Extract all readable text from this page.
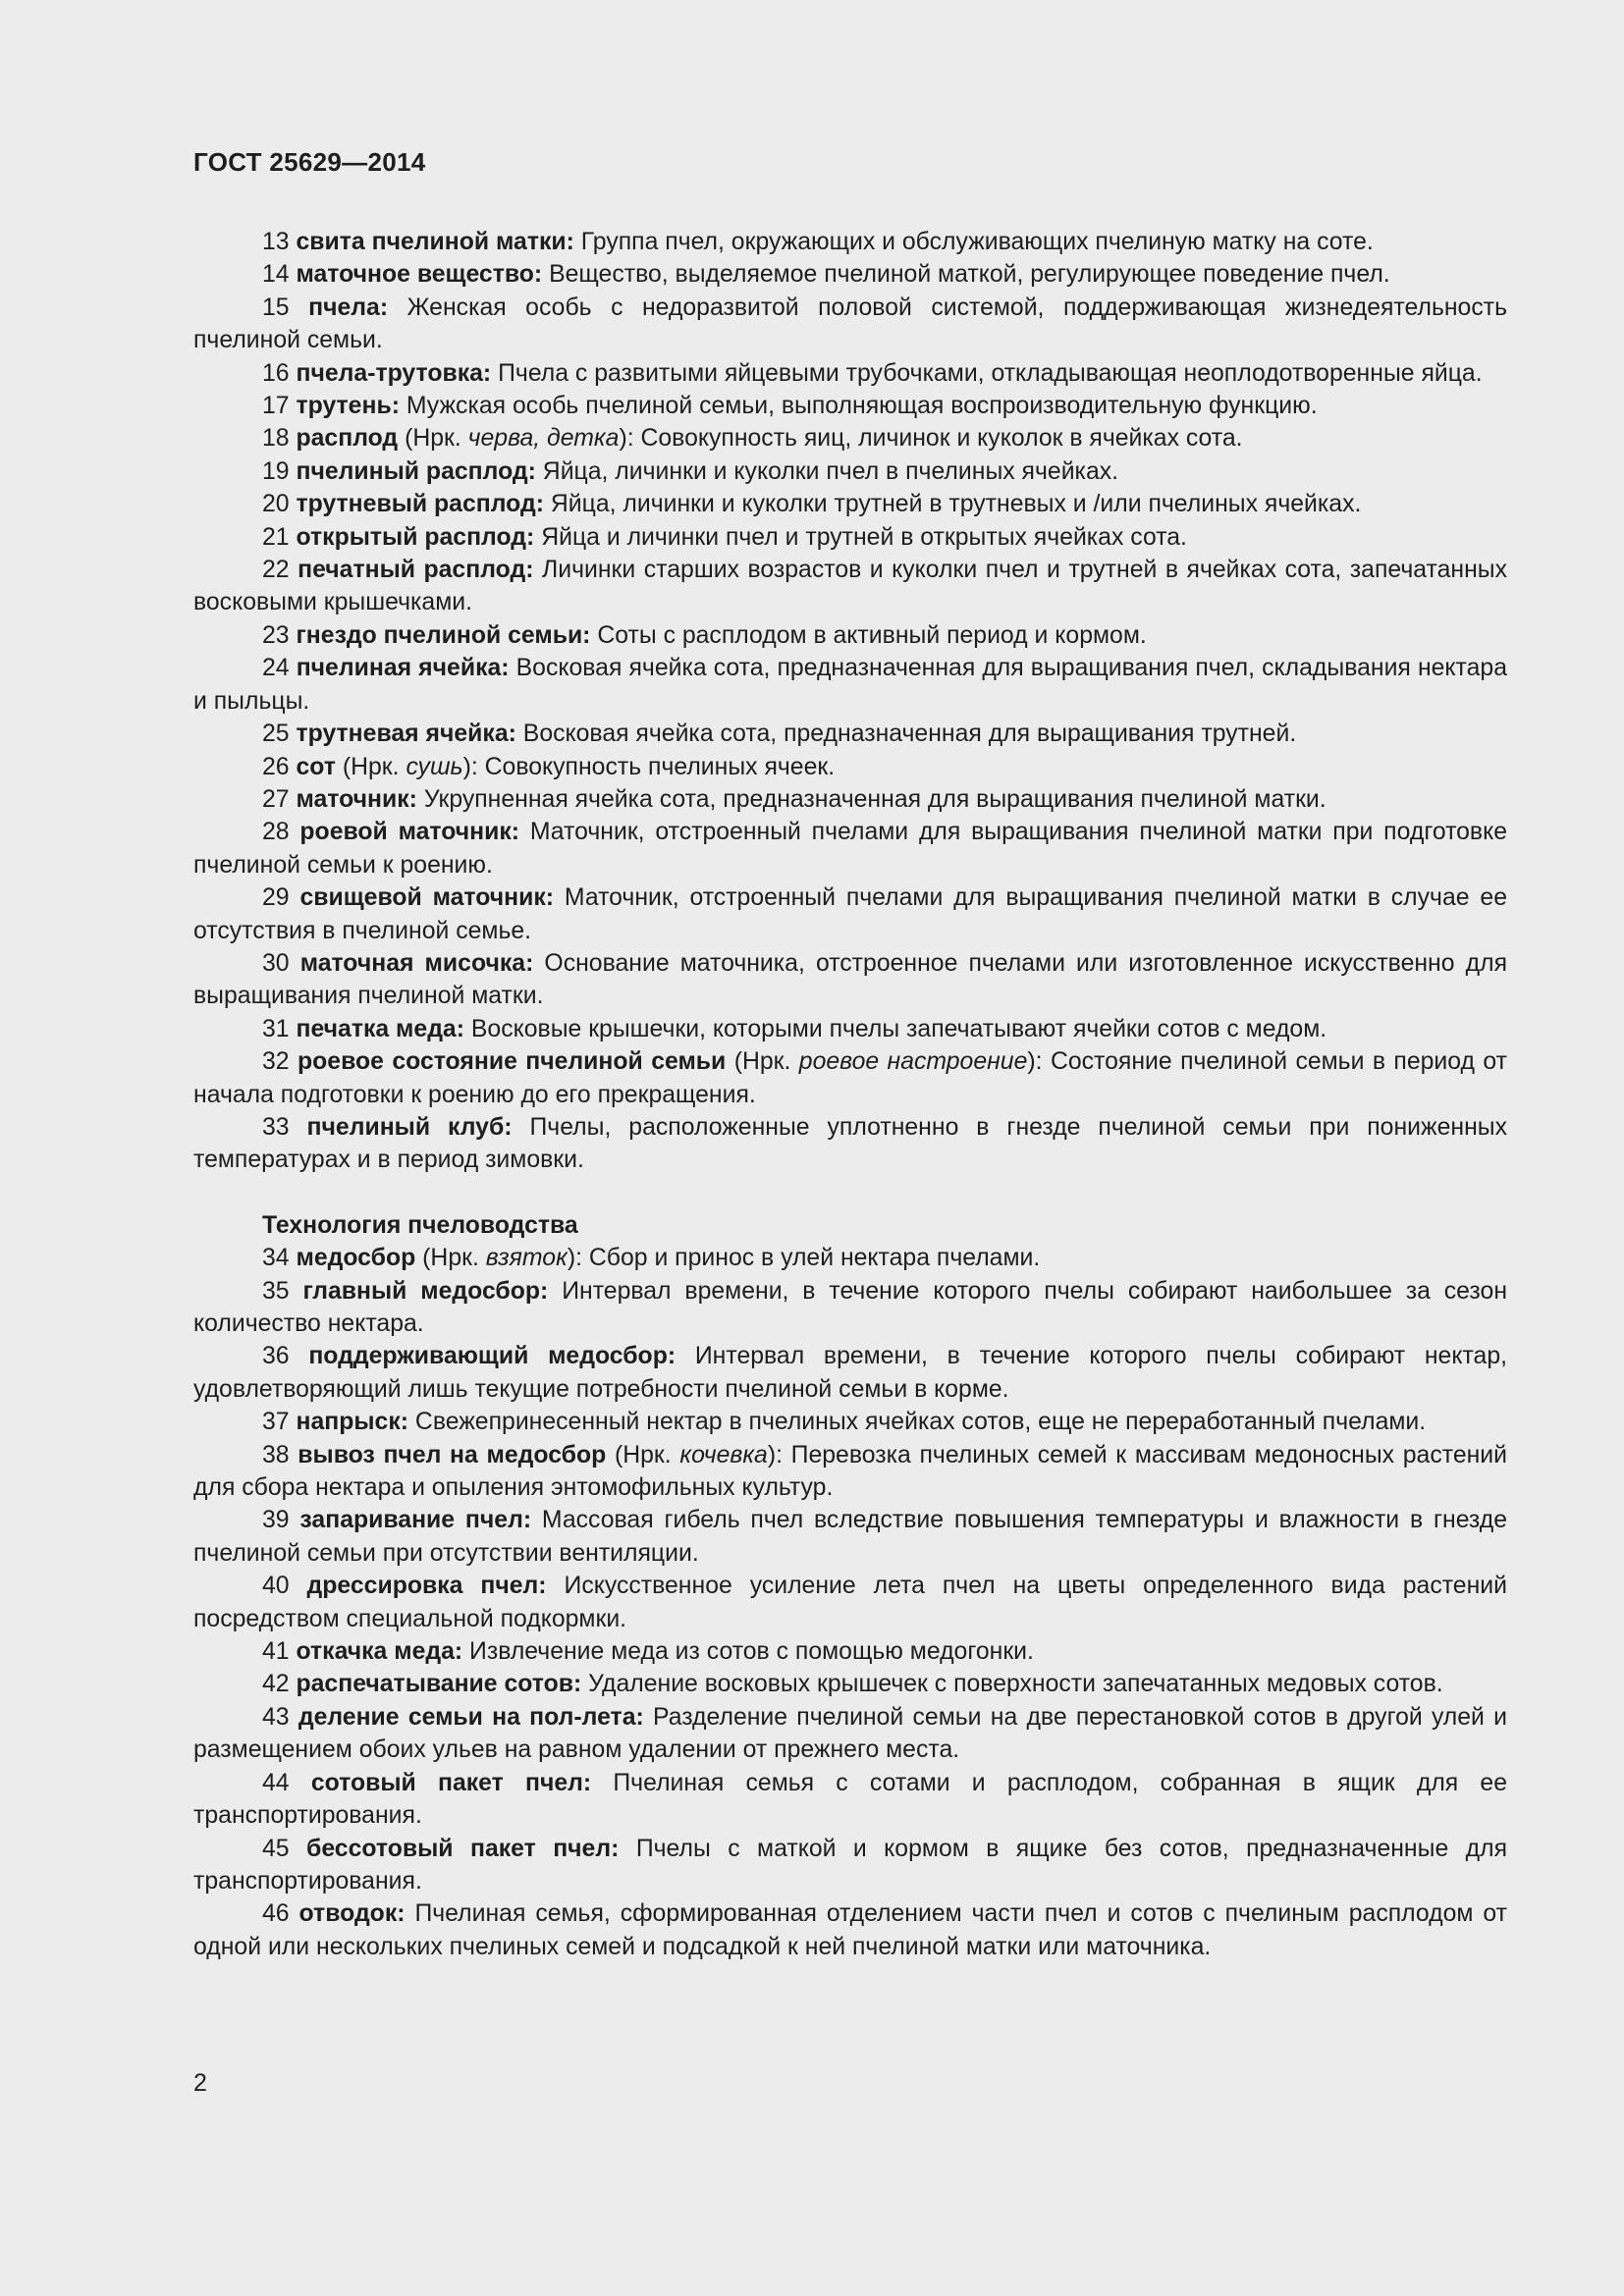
ГОСТ 25629—2014

13 свита пчелиной матки: Группа пчел, окружающих и обслуживающих пчелиную матку на соте.

14 маточное вещество: Вещество, выделяемое пчелиной маткой, регулирующее поведение пчел.

15 пчела: Женская особь с недоразвитой половой системой, поддерживающая жизнедеятельность пчелиной семьи.

16 пчела-трутовка: Пчела с развитыми яйцевыми трубочками, откладывающая неоплодотворенные яйца.

17 трутень: Мужская особь пчелиной семьи, выполняющая воспроизводительную функцию.

18 расплод (Нрк. черва, детка): Совокупность яиц, личинок и куколок в ячейках сота.

19 пчелиный расплод: Яйца, личинки и куколки пчел в пчелиных ячейках.

20 трутневый расплод: Яйца, личинки и куколки трутней в трутневых и /или пчелиных ячейках.

21 открытый расплод: Яйца и личинки пчел и трутней в открытых ячейках сота.

22 печатный расплод: Личинки старших возрастов и куколки пчел и трутней в ячейках сота, запечатанных восковыми крышечками.

23 гнездо пчелиной семьи: Соты с расплодом в активный период и кормом.

24 пчелиная ячейка: Восковая ячейка сота, предназначенная для выращивания пчел, складывания нектара и пыльцы.

25 трутневая ячейка: Восковая ячейка сота, предназначенная для выращивания трутней.

26 сот (Нрк. сушь): Совокупность пчелиных ячеек.

27 маточник: Укрупненная ячейка сота, предназначенная для выращивания пчелиной матки.

28 роевой маточник: Маточник, отстроенный пчелами для выращивания пчелиной матки при подготовке пчелиной семьи к роению.

29 свищевой маточник: Маточник, отстроенный пчелами для выращивания пчелиной матки в случае ее отсутствия в пчелиной семье.

30 маточная мисочка: Основание маточника, отстроенное пчелами или изготовленное искусственно для выращивания пчелиной матки.

31 печатка меда: Восковые крышечки, которыми пчелы запечатывают ячейки сотов с медом.

32 роевое состояние пчелиной семьи (Нрк. роевое настроение): Состояние пчелиной семьи в период от начала подготовки к роению до его прекращения.

33 пчелиный клуб: Пчелы, расположенные уплотненно в гнезде пчелиной семьи при пониженных температурах и в период зимовки.

Технология пчеловодства

34 медосбор (Нрк. взяток): Сбор и принос в улей нектара пчелами.

35 главный медосбор: Интервал времени, в течение которого пчелы собирают наибольшее за сезон количество нектара.

36 поддерживающий медосбор: Интервал времени, в течение которого пчелы собирают нектар, удовлетворяющий лишь текущие потребности пчелиной семьи в корме.

37 напрыск: Свежепринесенный нектар в пчелиных ячейках сотов, еще не переработанный пчелами.

38 вывоз пчел на медосбор (Нрк. кочевка): Перевозка пчелиных семей к массивам медоносных растений для сбора нектара и опыления энтомофильных культур.

39 запаривание пчел: Массовая гибель пчел вследствие повышения температуры и влажности в гнезде пчелиной семьи при отсутствии вентиляции.

40 дрессировка пчел: Искусственное усиление лета пчел на цветы определенного вида растений посредством специальной подкормки.

41 откачка меда: Извлечение меда из сотов с помощью медогонки.

42 распечатывание сотов: Удаление восковых крышечек с поверхности запечатанных медовых сотов.

43 деление семьи на пол-лета: Разделение пчелиной семьи на две перестановкой сотов в другой улей и размещением обоих ульев на равном удалении от прежнего места.

44 сотовый пакет пчел: Пчелиная семья с сотами и расплодом, собранная в ящик для ее транспортирования.

45 бессотовый пакет пчел: Пчелы с маткой и кормом в ящике без сотов, предназначенные для транспортирования.

46 отводок: Пчелиная семья, сформированная отделением части пчел и сотов с пчелиным расплодом от одной или нескольких пчелиных семей и подсадкой к ней пчелиной матки или маточника.

2
